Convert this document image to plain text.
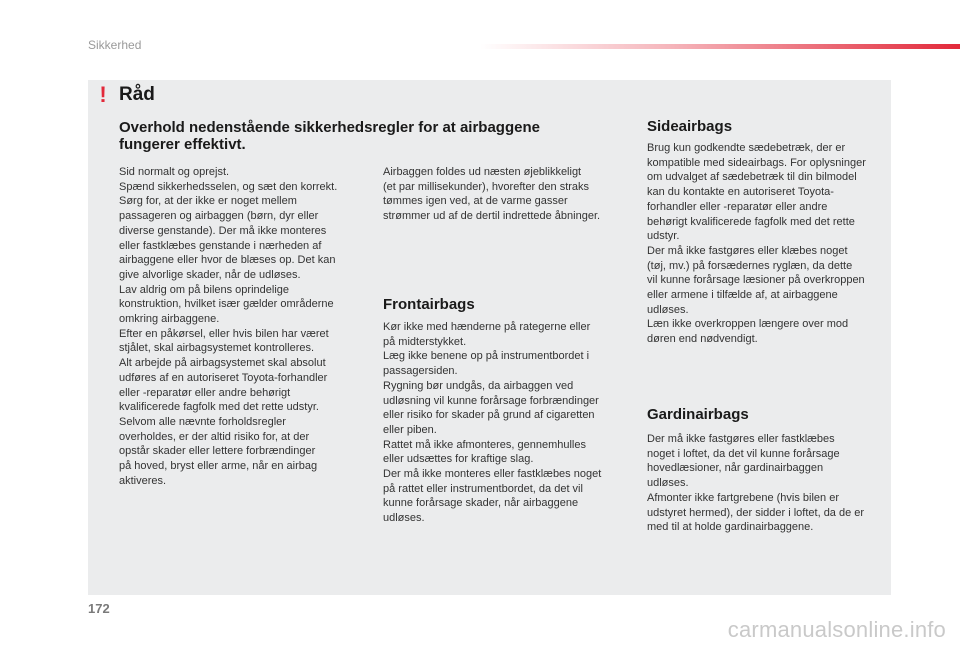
Sikkerhed
! Råd
Overhold nedenstående sikkerhedsregler for at airbaggene
fungerer effektivt.

Sid normalt og oprejst.
Spænd sikkerhedsselen, og sæt den korrekt.
Sørg for, at der ikke er noget mellem
passageren og airbaggen (børn, dyr eller
diverse genstande). Der må ikke monteres
eller fastklæbes genstande i nærheden af
airbaggene eller hvor de blæses op. Det kan
give alvorlige skader, når de udløses.
Lav aldrig om på bilens oprindelige
konstruktion, hvilket især gælder områderne
omkring airbaggene.
Efter en påkørsel, eller hvis bilen har været
stjålet, skal airbagsystemet kontrolleres.
Alt arbejde på airbagsystemet skal absolut
udføres af en autoriseret Toyota-forhandler
eller -reparatør eller andre behørigt
kvalificerede fagfolk med det rette udstyr.
Selvom alle nævnte forholdsregler
overholdes, er der altid risiko for, at der
opstår skader eller lettere forbrændinger
på hoved, bryst eller arme, når en airbag
aktiveres.

Airbaggen foldes ud næsten øjeblikkeligt
(et par millisekunder), hvorefter den straks
tømmes igen ved, at de varme gasser
strømmer ud af de dertil indrettede åbninger.

Frontairbags

Kør ikke med hænderne på rategerne eller
på midterstykket.
Læg ikke benene op på instrumentbordet i
passagersiden.
Rygning bør undgås, da airbaggen ved
udløsning vil kunne forårsage forbrændinger
eller risiko for skader på grund af cigaretten
eller piben.
Rattet må ikke afmonteres, gennemhulles
eller udsættes for kraftige slag.
Der må ikke monteres eller fastklæbes noget
på rattet eller instrumentbordet, da det vil
kunne forårsage skader, når airbaggene
udløses.

Sideairbags

Brug kun godkendte sædebetræk, der er
kompatible med sideairbags. For oplysninger
om udvalget af sædebetræk til din bilmodel
kan du kontakte en autoriseret Toyota-
forhandler eller -reparatør eller andre
behørigt kvalificerede fagfolk med det rette
udstyr.
Der må ikke fastgøres eller klæbes noget
(tøj, mv.) på forsædernes ryglæn, da dette
vil kunne forårsage læsioner på overkroppen
eller armene i tilfælde af, at airbaggene
udløses.
Læn ikke overkroppen længere over mod
døren end nødvendigt.

Gardinairbags

Der må ikke fastgøres eller fastklæbes
noget i loftet, da det vil kunne forårsage
hovedlæsioner, når gardinairbaggen
udløses.
Afmonter ikke fartgrebene (hvis bilen er
udstyret hermed), der sidder i loftet, da de er
med til at holde gardinairbaggene.

172
carmanualsonline.info
